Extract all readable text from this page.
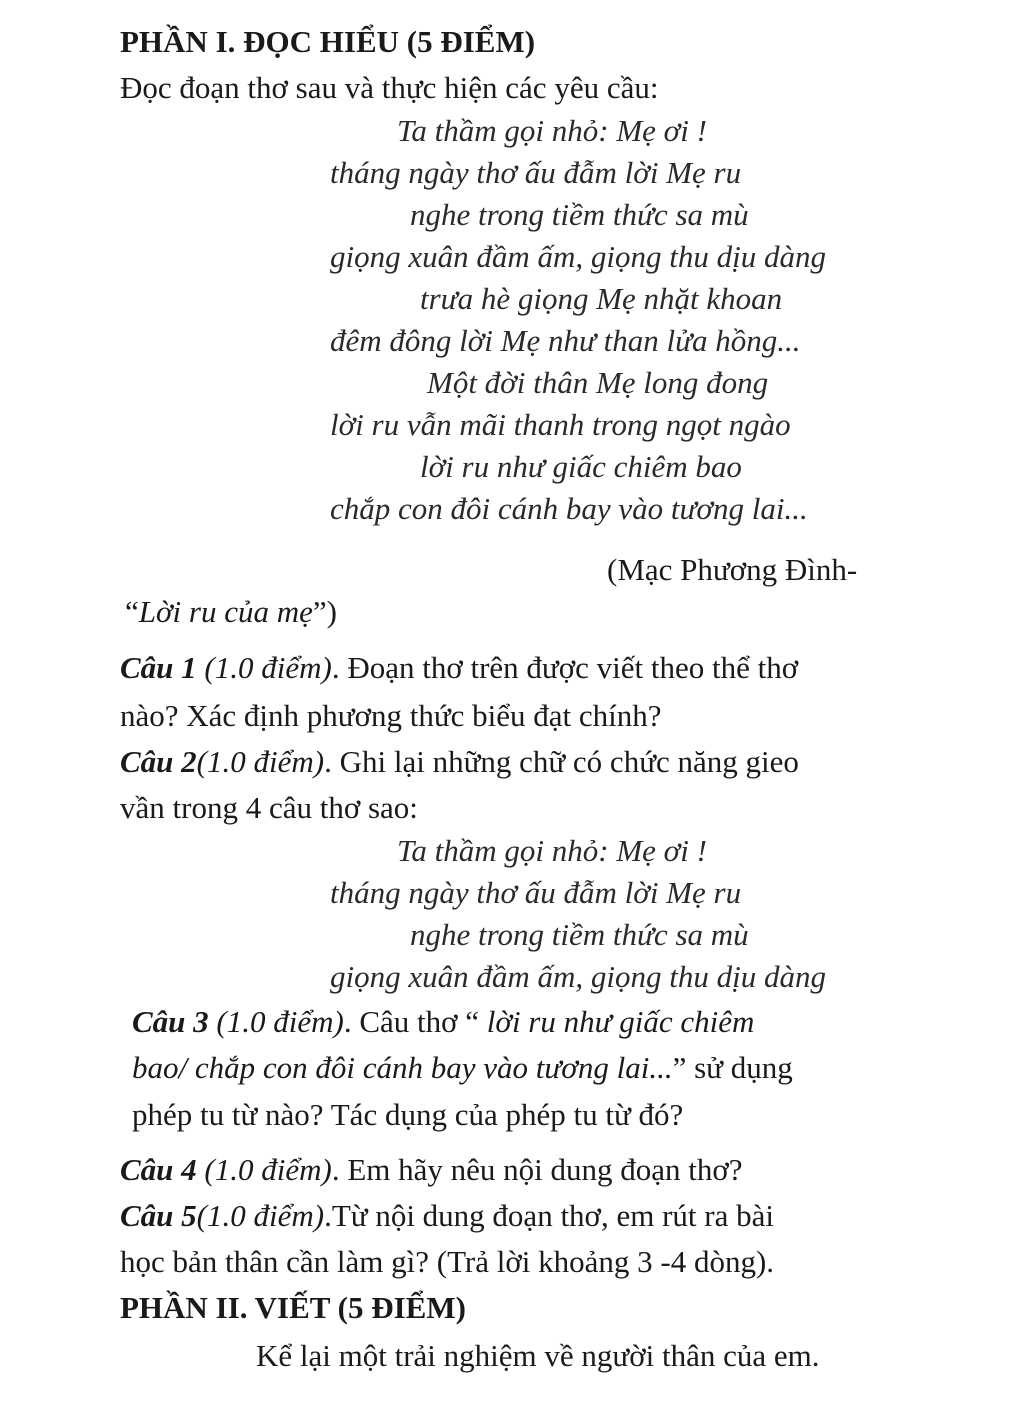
PHẦN I. ĐỌC HIỂU (5 ĐIỂM)
Đọc đoạn thơ sau và thực hiện các yêu cầu:
Ta thầm gọi nhỏ: Mẹ ơi !
tháng ngày thơ ấu đẫm lời Mẹ ru
nghe trong tiềm thức sa mù
giọng xuân đầm ấm, giọng thu dịu dàng
trưa hè giọng Mẹ nhặt khoan
đêm đông lời Mẹ như than lửa hồng...
Một đời thân Mẹ long đong
lời ru vẫn mãi thanh trong ngọt ngào
lời ru như giấc chiêm bao
chắp con đôi cánh bay vào tương lai...
(Mạc Phương Đình-
“Lời ru của mẹ”)
Câu 1 (1.0 điểm). Đoạn thơ trên được viết theo thể thơ
nào? Xác định phương thức biểu đạt chính?
Câu 2(1.0 điểm). Ghi lại những chữ có chức năng gieo
vần trong 4 câu thơ sao:
Ta thầm gọi nhỏ: Mẹ ơi !
tháng ngày thơ ấu đẫm lời Mẹ ru
nghe trong tiềm thức sa mù
giọng xuân đầm ấm, giọng thu dịu dàng
Câu 3 (1.0 điểm). Câu thơ “ lời ru như giấc chiêm
bao/ chắp con đôi cánh bay vào tương lai...” sử dụng
phép tu từ nào? Tác dụng của phép tu từ đó?
Câu 4 (1.0 điểm). Em hãy nêu nội dung đoạn thơ?
Câu 5(1.0 điểm).Từ nội dung đoạn thơ, em rút ra bài
học bản thân cần làm gì? (Trả lời khoảng 3 -4 dòng).
PHẦN II. VIẾT (5 ĐIỂM)
Kể lại một trải nghiệm về người thân của em.
